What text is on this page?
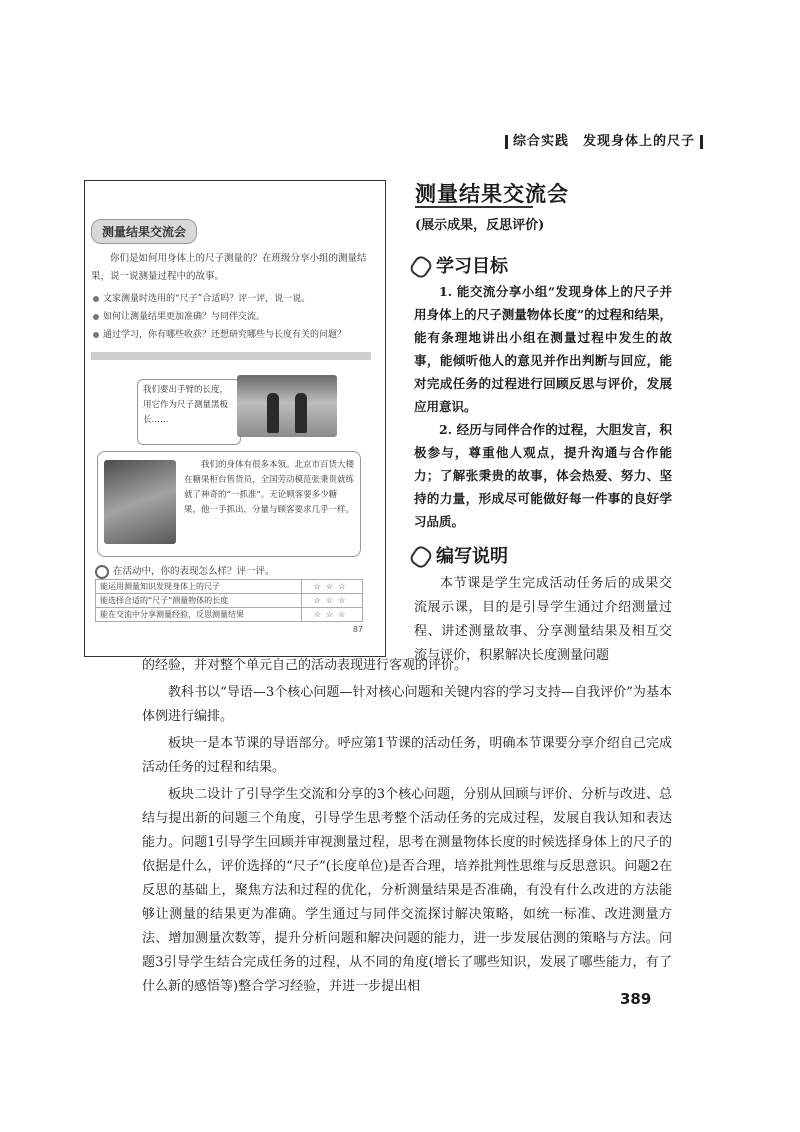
综合实践　发现身体上的尺子
测量结果交流会
你们是如何用身体上的尺子测量的？在班级分享小组的测量结果，说一说测量过程中的故事。
文家测量时选用的“尺子”合适吗？评一评，说一说。
如何让测量结果更加准确？与同伴交流。
通过学习，你有哪些收获？还想研究哪些与长度有关的问题？
我们要出手臂的长度，用它作为尺子测量黑板长……
我们的身体有很多本领。北京市百货大楼在糖果柜台售货员，全国劳动模范张秉贵就练就了神奇的“一抓准”。无论顾客要多少糖果，他一手抓出，分量与顾客要求几乎一样。
在活动中，你的表现怎么样？评一评。
能运用测量知识发现身体上的尺子	☆☆☆
能选择合适的“尺子”测量物体的长度	☆☆☆
能在交流中分享测量经验，反思测量结果	☆☆☆
87
测量结果交流会
(展示成果，反思评价)
学习目标

1. 能交流分享小组“发现身体上的尺子并用身体上的尺子测量物体长度”的过程和结果，能有条理地讲出小组在测量过程中发生的故事，能倾听他人的意见并作出判断与回应，能对完成任务的过程进行回顾反思与评价，发展应用意识。

2. 经历与同伴合作的过程，大胆发言，积极参与，尊重他人观点，提升沟通与合作能力；了解张秉贵的故事，体会热爱、努力、坚持的力量，形成尽可能做好每一件事的良好学习品质。

编写说明

本节课是学生完成活动任务后的成果交流展示课，目的是引导学生通过介绍测量过程、讲述测量故事、分享测量结果及相互交流与评价，积累解决长度测量问题

的经验，并对整个单元自己的活动表现进行客观的评价。

教科书以“导语—3个核心问题—针对核心问题和关键内容的学习支持—自我评价”为基本体例进行编排。

板块一是本节课的导语部分。呼应第1节课的活动任务，明确本节课要分享介绍自己完成活动任务的过程和结果。

板块二设计了引导学生交流和分享的3个核心问题，分别从回顾与评价、分析与改进、总结与提出新的问题三个角度，引导学生思考整个活动任务的完成过程，发展自我认知和表达能力。问题1引导学生回顾并审视测量过程，思考在测量物体长度的时候选择身体上的尺子的依据是什么，评价选择的“尺子”(长度单位)是否合理，培养批判性思维与反思意识。问题2在反思的基础上，聚焦方法和过程的优化，分析测量结果是否准确，有没有什么改进的方法能够让测量的结果更为准确。学生通过与同伴交流探讨解决策略，如统一标准、改进测量方法、增加测量次数等，提升分析问题和解决问题的能力，进一步发展估测的策略与方法。问题3引导学生结合完成任务的过程，从不同的角度(增长了哪些知识，发展了哪些能力，有了什么新的感悟等)整合学习经验，并进一步提出相

389
